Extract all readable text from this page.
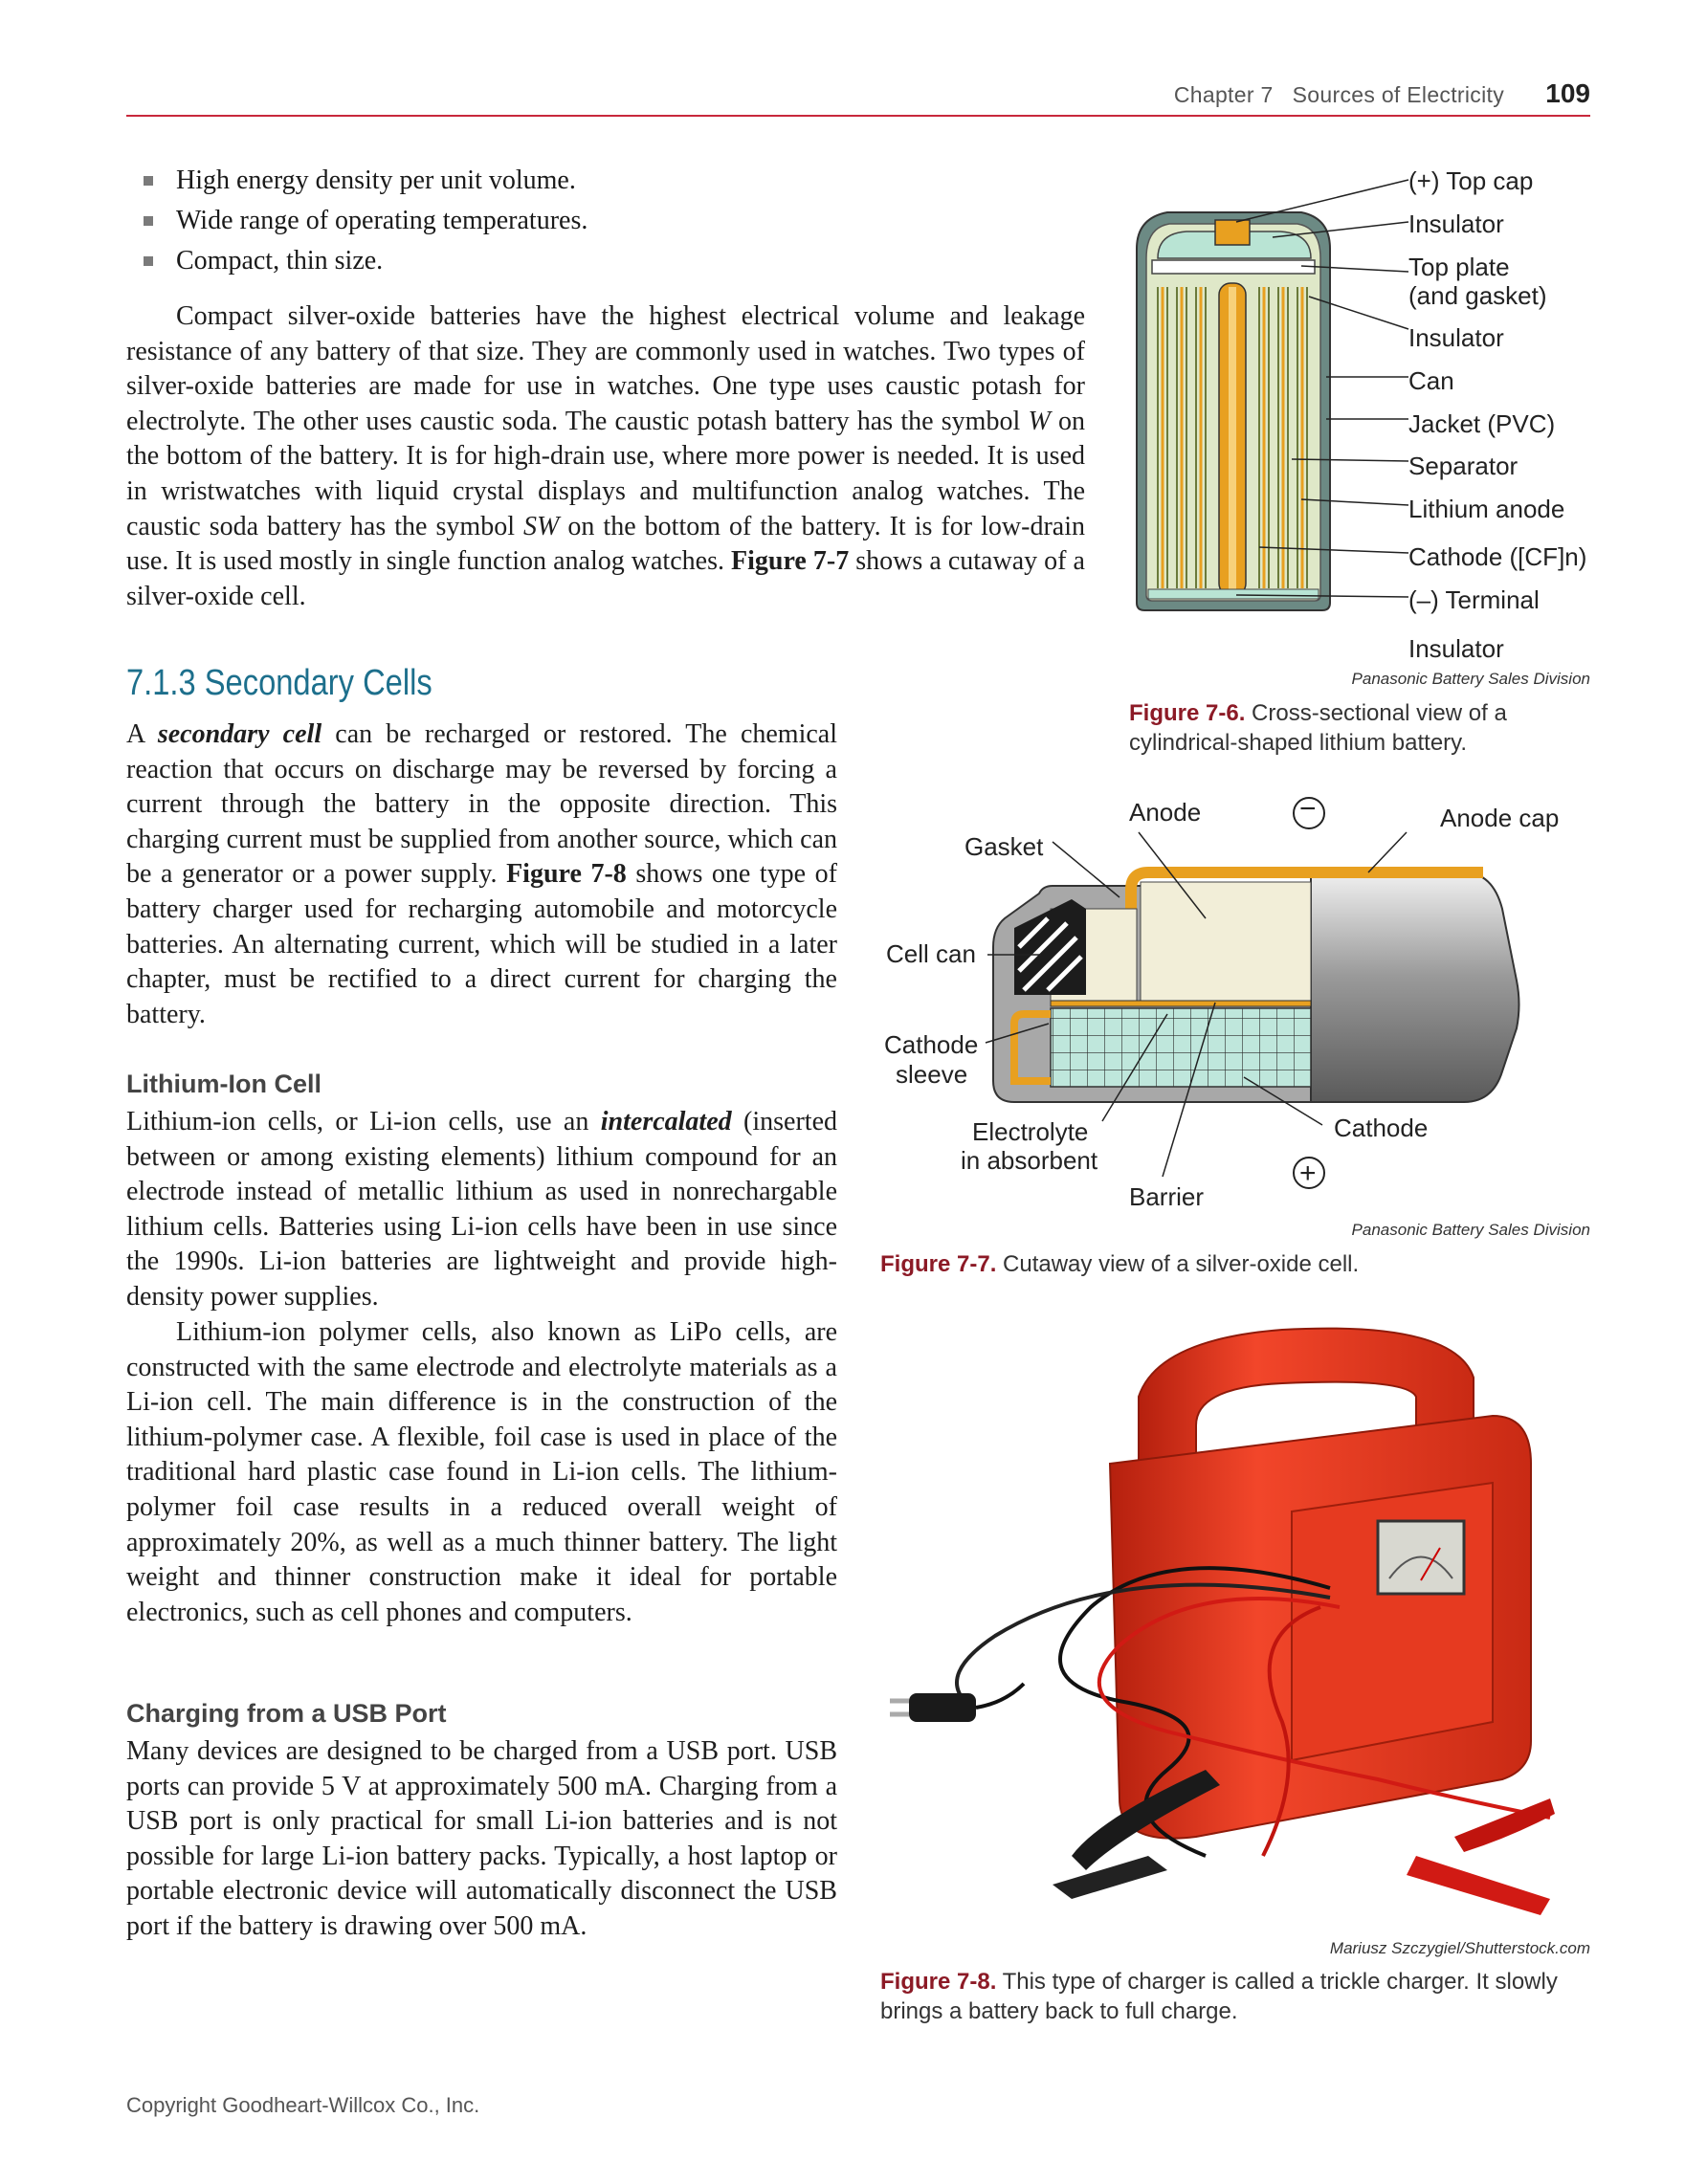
Chapter 7 Sources of Electricity 109
High energy density per unit volume.
Wide range of operating temperatures.
Compact, thin size.
Compact silver-oxide batteries have the highest electrical volume and leakage resistance of any battery of that size. They are commonly used in watches. Two types of silver-oxide batteries are made for use in watches. One type uses caustic potash for electrolyte. The other uses caustic soda. The caustic potash battery has the symbol W on the bottom of the battery. It is for high-drain use, where more power is needed. It is used in wristwatches with liquid crystal displays and multifunction analog watches. The caustic soda battery has the symbol SW on the bottom of the battery. It is for low-drain use. It is used mostly in single function analog watches. Figure 7-7 shows a cutaway of a silver-oxide cell.
7.1.3 Secondary Cells
A secondary cell can be recharged or restored. The chemical reaction that occurs on discharge may be reversed by forcing a current through the battery in the opposite direction. This charging current must be supplied from another source, which can be a generator or a power supply. Figure 7-8 shows one type of battery charger used for recharging automobile and motorcycle batteries. An alternating current, which will be studied in a later chapter, must be rectified to a direct current for charging the battery.
Lithium-Ion Cell
Lithium-ion cells, or Li-ion cells, use an intercalated (inserted between or among existing elements) lithium compound for an electrode instead of metallic lithium as used in nonrechargable lithium cells. Batteries using Li-ion cells have been in use since the 1990s. Li-ion batteries are lightweight and provide high-density power supplies.
Lithium-ion polymer cells, also known as LiPo cells, are constructed with the same electrode and electrolyte materials as a Li-ion cell. The main difference is in the construction of the lithium-polymer case. A flexible, foil case is used in place of the traditional hard plastic case found in Li-ion cells. The lithium-polymer foil case results in a reduced overall weight of approximately 20%, as well as a much thinner battery. The light weight and thinner construction make it ideal for portable electronics, such as cell phones and computers.
Charging from a USB Port
Many devices are designed to be charged from a USB port. USB ports can provide 5 V at approximately 500 mA. Charging from a USB port is only practical for small Li-ion batteries and is not possible for large Li-ion battery packs. Typically, a host laptop or portable electronic device will automatically disconnect the USB port if the battery is drawing over 500 mA.
(+) Top cap
Insulator
Top plate
(and gasket)
Insulator
Can
Jacket (PVC)
Separator
Lithium anode
Cathode ([CF]n)
(–) Terminal
Insulator
Panasonic Battery Sales Division
Figure 7-6. Cross-sectional view of a cylindrical-shaped lithium battery.
Anode	−	Anode cap
Gasket
Cell can
Cathode
sleeve
Electrolyte
in absorbent
Cathode
+
Barrier
Panasonic Battery Sales Division
Figure 7-7. Cutaway view of a silver-oxide cell.
Mariusz Szczygiel/Shutterstock.com
Figure 7-8. This type of charger is called a trickle charger. It slowly brings a battery back to full charge.
Copyright Goodheart-Willcox Co., Inc.
